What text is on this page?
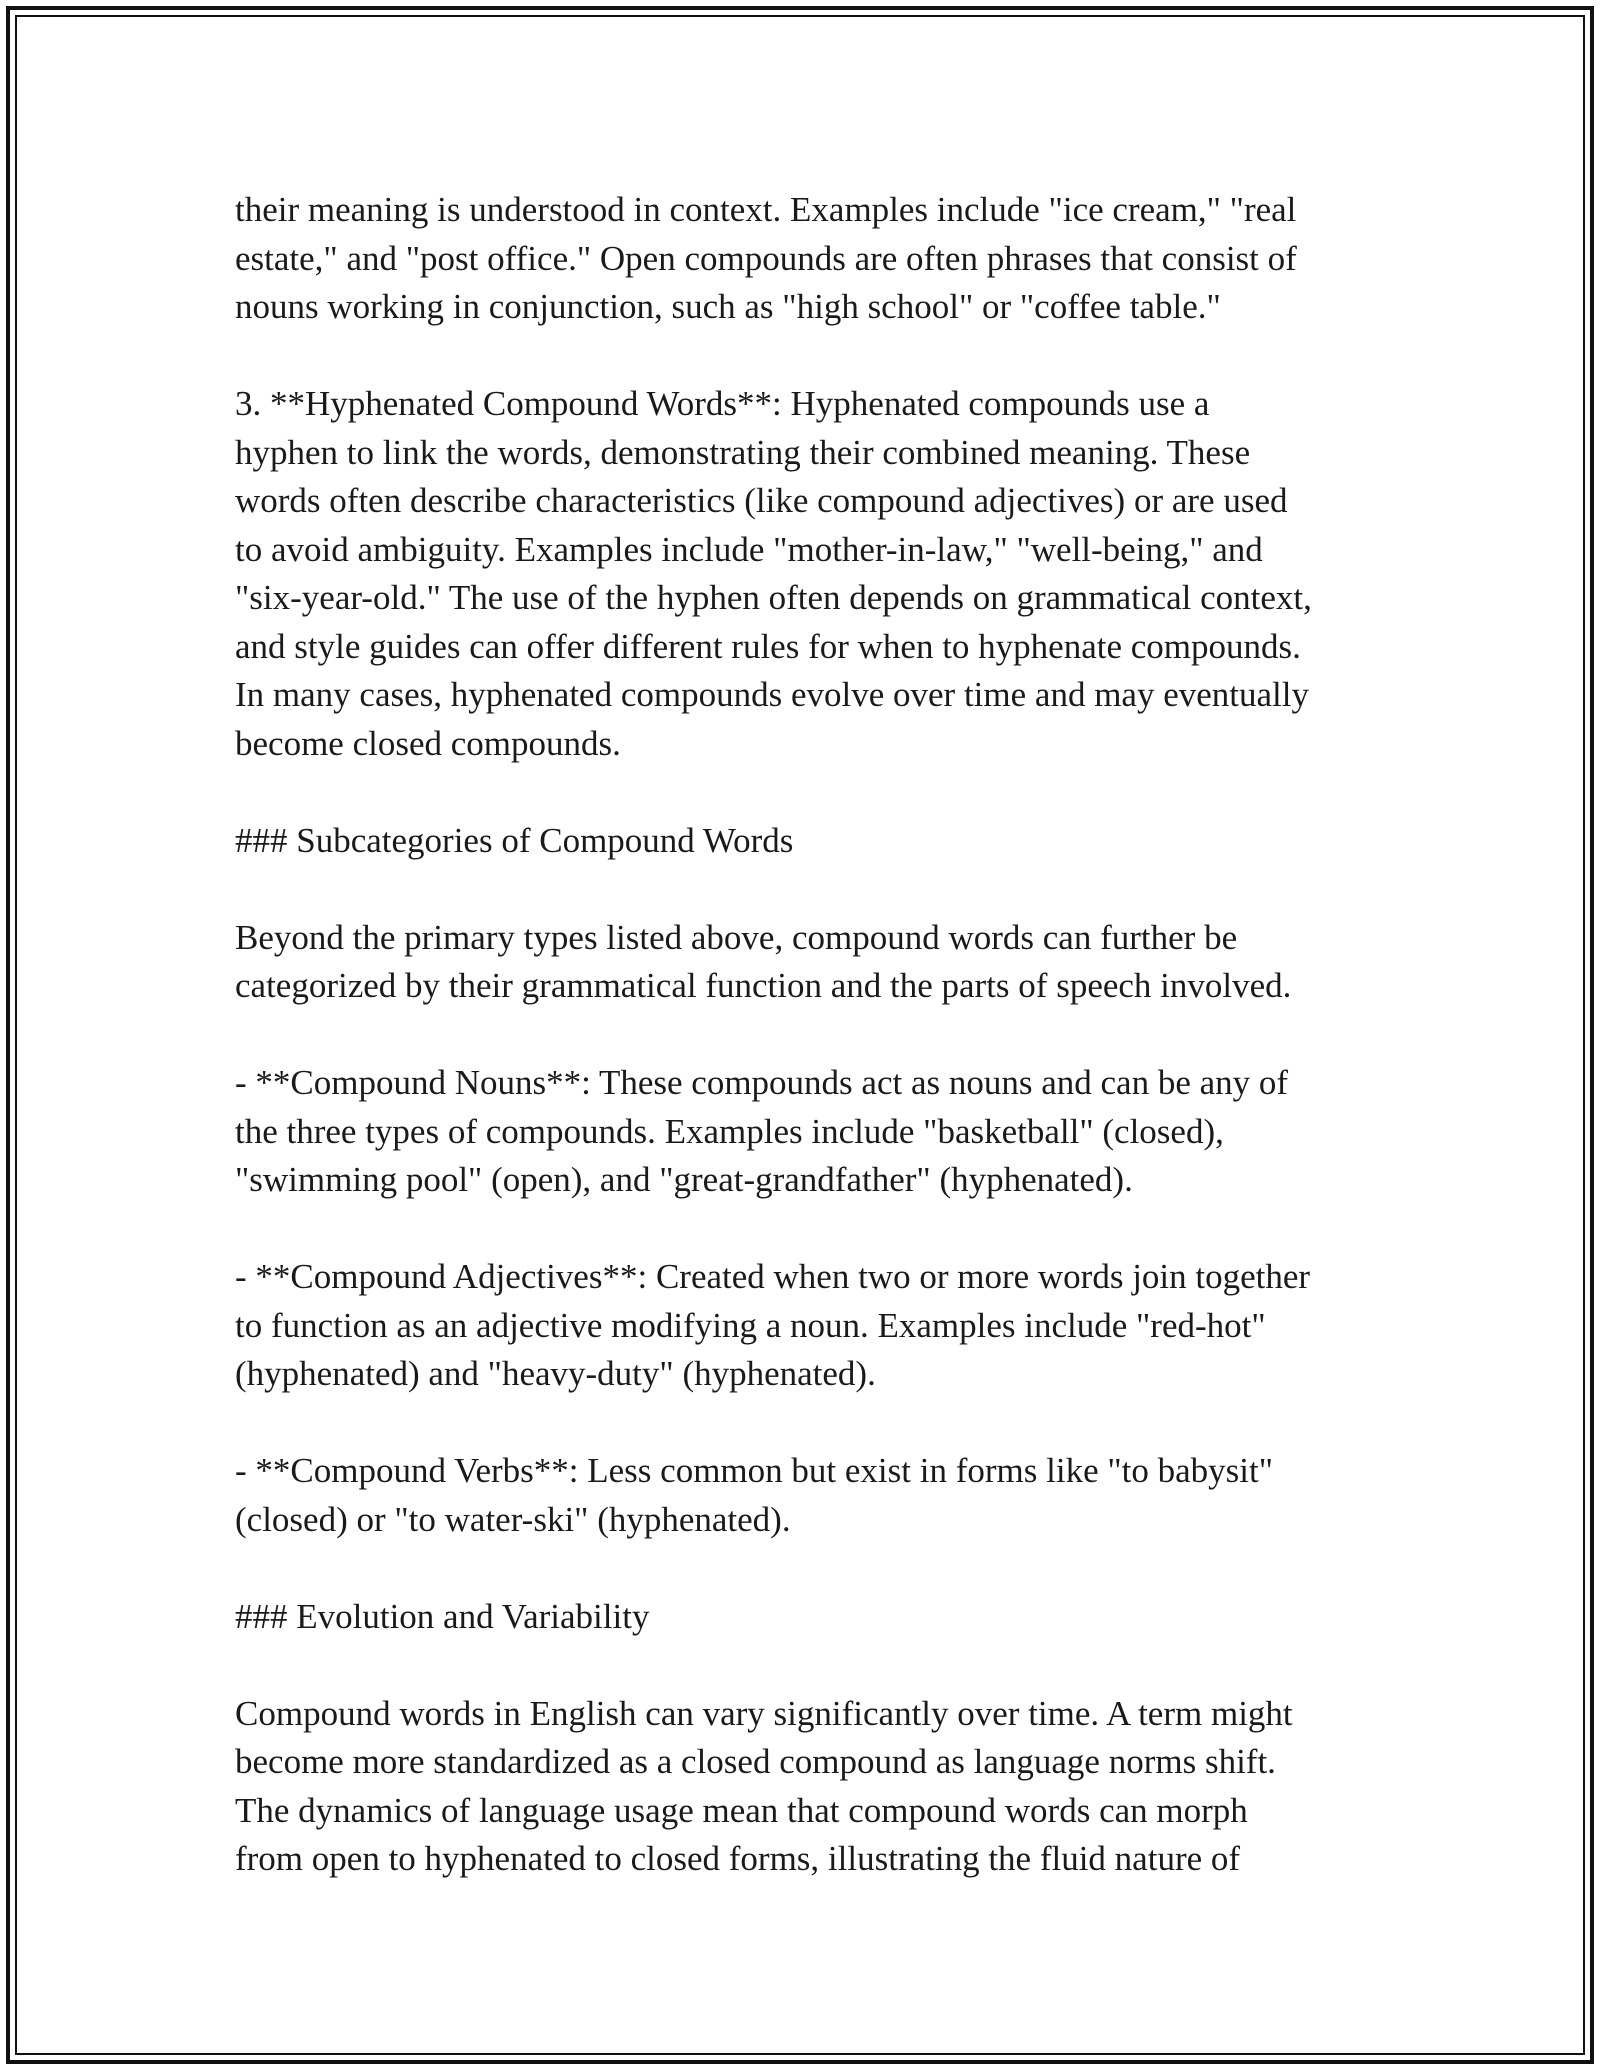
their meaning is understood in context. Examples include "ice cream," "real
estate," and "post office." Open compounds are often phrases that consist of
nouns working in conjunction, such as "high school" or "coffee table."

3. **Hyphenated Compound Words**: Hyphenated compounds use a
hyphen to link the words, demonstrating their combined meaning. These
words often describe characteristics (like compound adjectives) or are used
to avoid ambiguity. Examples include "mother-in-law," "well-being," and
"six-year-old." The use of the hyphen often depends on grammatical context,
and style guides can offer different rules for when to hyphenate compounds.
In many cases, hyphenated compounds evolve over time and may eventually
become closed compounds.

### Subcategories of Compound Words

Beyond the primary types listed above, compound words can further be
categorized by their grammatical function and the parts of speech involved.

- **Compound Nouns**: These compounds act as nouns and can be any of
the three types of compounds. Examples include "basketball" (closed),
"swimming pool" (open), and "great-grandfather" (hyphenated).

- **Compound Adjectives**: Created when two or more words join together
to function as an adjective modifying a noun. Examples include "red-hot"
(hyphenated) and "heavy-duty" (hyphenated).

- **Compound Verbs**: Less common but exist in forms like "to babysit"
(closed) or "to water-ski" (hyphenated).

### Evolution and Variability

Compound words in English can vary significantly over time. A term might
become more standardized as a closed compound as language norms shift.
The dynamics of language usage mean that compound words can morph
from open to hyphenated to closed forms, illustrating the fluid nature of
